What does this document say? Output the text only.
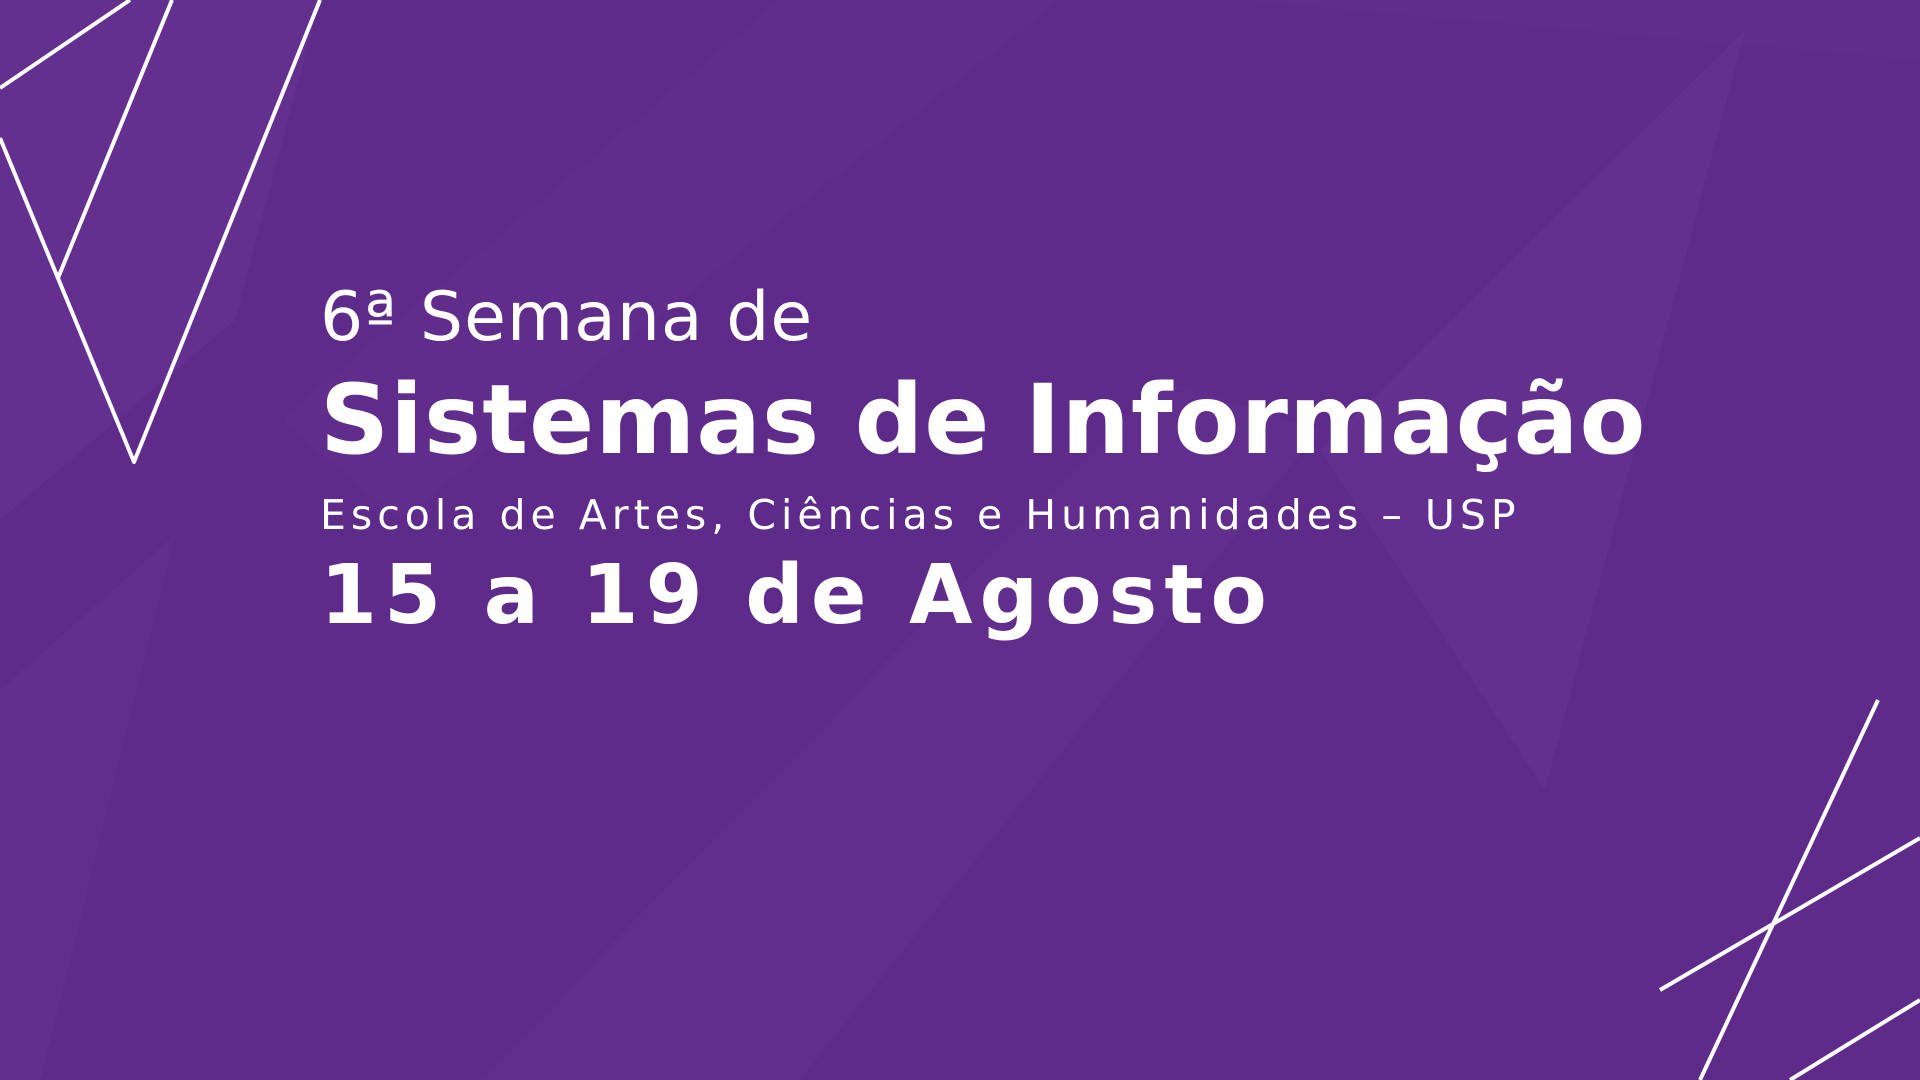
6ª Semana de
Sistemas de Informação
Escola de Artes, Ciências e Humanidades – USP
15 a 19 de Agosto
